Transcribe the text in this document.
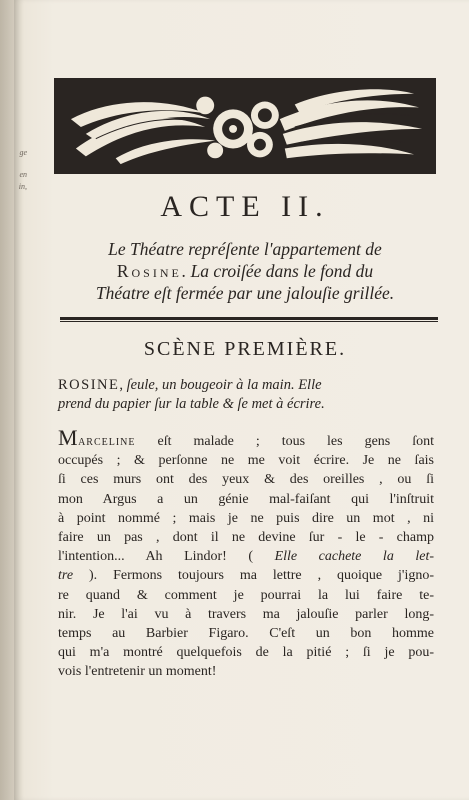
ge
en
in,
ACTE II.

Le Théatre repréſente l'appartement de
Rosine. La croiſée dans le fond du
Théatre eſt fermée par une jalouſie grillée.

SCÈNE PREMIÈRE.

ROSINE, ſeule, un bougeoir à la main. Elle
prend du papier ſur la table & ſe met à écrire.

Marceline eſt malade ; tous les gens ſont
occupés ; & perſonne ne me voit écrire. Je ne ſais
ſi ces murs ont des yeux & des oreilles , ou ſi
mon Argus a un génie mal-faiſant qui l'inſtruit
à point nommé ; mais je ne puis dire un mot , ni
faire un pas , dont il ne devine ſur - le - champ
l'intention... Ah Lindor! ( Elle cachete la let-
tre ). Fermons toujours ma lettre , quoique j'igno-
re quand & comment je pourrai la lui faire te-
nir. Je l'ai vu à travers ma jalouſie parler long-
temps au Barbier Figaro. C'eſt un bon homme
qui m'a montré quelquefois de la pitié ; ſi je pou-
vois l'entretenir un moment!
